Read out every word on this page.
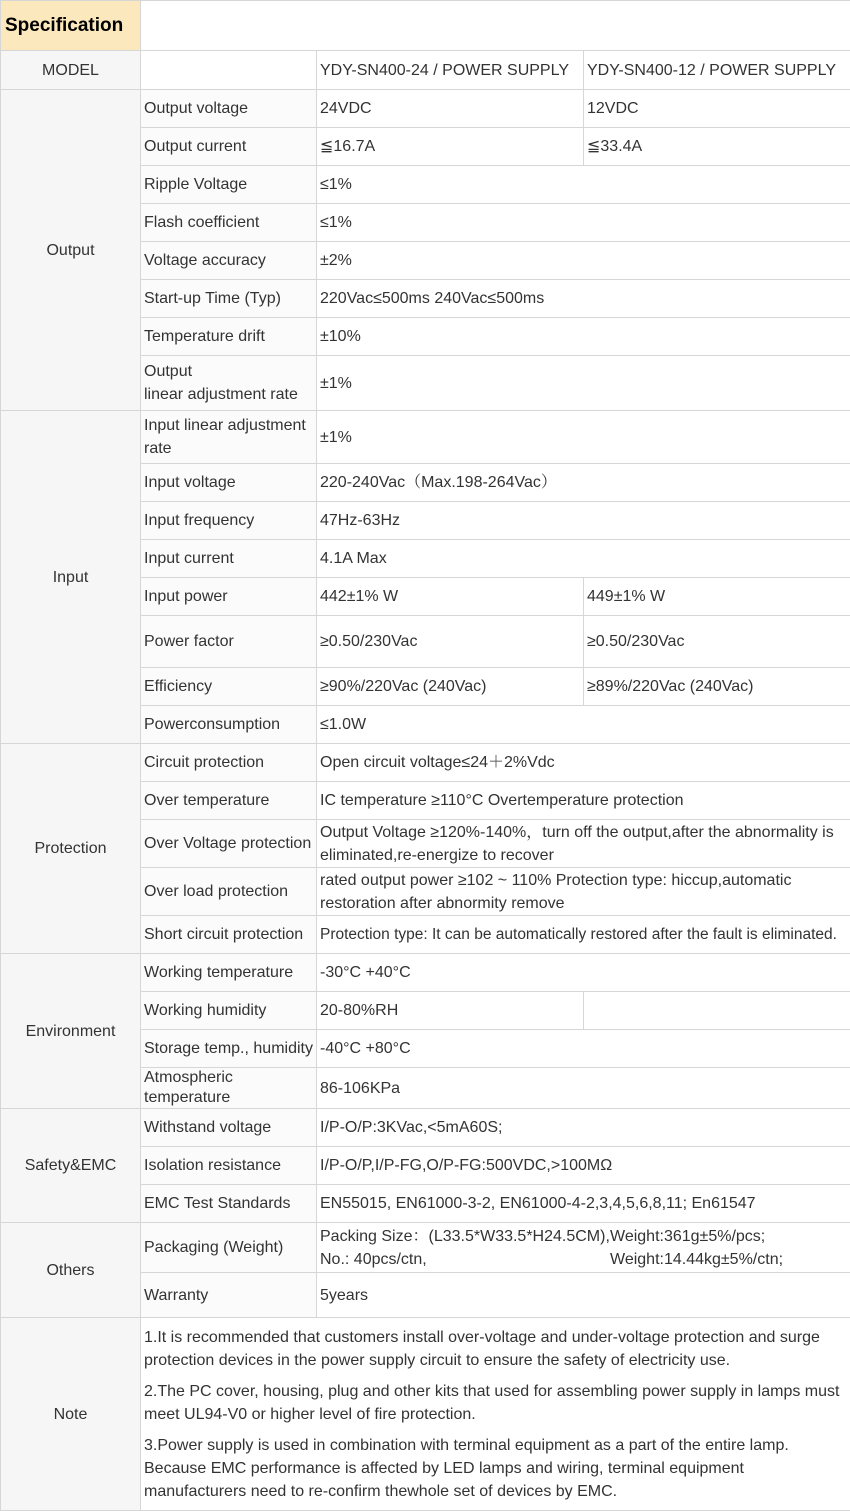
Specification			
MODEL		YDY-SN400-24 / POWER SUPPLY	YDY-SN400-12 / POWER SUPPLY
Output	Output voltage	24VDC	12VDC
	Output current	≦16.7A	≦33.4A
	Ripple Voltage	≤1%	
	Flash coefficient	≤1%	
	Voltage accuracy	±2%	
	Start-up Time (Typ)	220Vac≤500ms 240Vac≤500ms	
	Temperature drift	±10%	

	Output
linear adjustment rate	±1%	
Input	Input linear adjustment
rate	±1%	
	Input voltage	220-240Vac（Max.198-264Vac）	
	Input frequency	47Hz-63Hz	
	Input current	4.1A Max	
	Input power	442±1% W	449±1% W
	Power factor	≥0.50/230Vac	≥0.50/230Vac
	Efficiency	≥90%/220Vac (240Vac)	≥89%/220Vac (240Vac)
	Powerconsumption	≤1.0W	
Protection	Circuit protection	Open circuit voltage≤24＋2%Vdc	
	Over temperature	IC temperature ≥110°C Overtemperature protection	
	Over Voltage protection	Output Voltage ≥120%-140%，turn off the output,after the abnormality is
eliminated,re-energize to recover	

	Over load protection	rated output power ≥102 ~ 110% Protection type: hiccup,automatic
restoration after abnormity remove	

	Short circuit protection	Protection type: It can be automatically restored after the fault is eliminated.	
Environment	Working temperature	-30°C +40°C	
	Working humidity	20-80%RH	
	Storage temp., humidity	-40°C +80°C	

	Atmospheric
temperature	86-106KPa	
Safety&EMC	Withstand voltage	I/P-O/P:3KVac,<5mA60S;	
	Isolation resistance	I/P-O/P,I/P-FG,O/P-FG:500VDC,>100MΩ	
	EMC Test Standards	EN55015, EN61000-3-2, EN61000-4-2,3,4,5,6,8,11; En61547	
Others	Packaging (Weight)	Packing Size：(L33.5*W33.5*H24.5CM), Weight:361g±5%/pcs;
No.: 40pcs/ctn, Weight:14.44kg±5%/ctn;	

	Warranty	5years	
Note	1.It is recommended that customers install over-voltage and under-voltage protection and surge protection devices in the power supply circuit to ensure the safety of electricity use.

2.The PC cover, housing, plug and other kits that used for assembling power supply in lamps must meet UL94-V0 or higher level of fire protection.

3.Power supply is used in combination with terminal equipment as a part of the entire lamp. Because EMC performance is affected by LED lamps and wiring, terminal equipment manufacturers need to re-confirm thewhole set of devices by EMC.		
